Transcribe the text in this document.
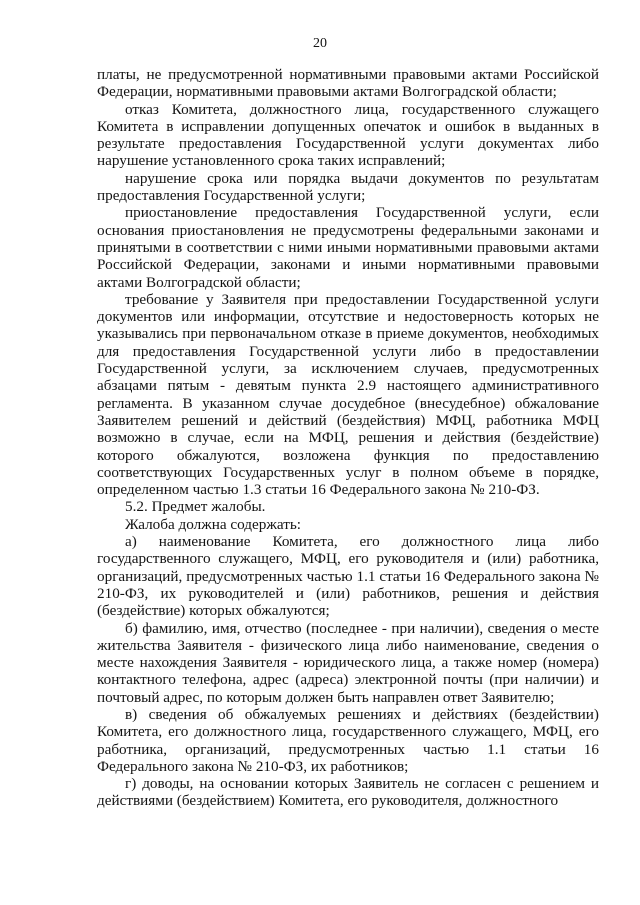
20

платы, не предусмотренной нормативными правовыми актами Российской Федерации, нормативными правовыми актами Волгоградской области;

отказ Комитета, должностного лица, государственного служащего Комитета в исправлении допущенных опечаток и ошибок в выданных в результате предоставления Государственной услуги документах либо нарушение установленного срока таких исправлений;

нарушение срока или порядка выдачи документов по результатам предоставления Государственной услуги;

приостановление предоставления Государственной услуги, если основания приостановления не предусмотрены федеральными законами и принятыми в соответствии с ними иными нормативными правовыми актами Российской Федерации, законами и иными нормативными правовыми актами Волгоградской области;

требование у Заявителя при предоставлении Государственной услуги документов или информации, отсутствие и недостоверность которых не указывались при первоначальном отказе в приеме документов, необходимых для предоставления Государственной услуги либо в предоставлении Государственной услуги, за исключением случаев, предусмотренных абзацами пятым - девятым пункта 2.9 настоящего административного регламента. В указанном случае досудебное (внесудебное) обжалование Заявителем решений и действий (бездействия) МФЦ, работника МФЦ возможно в случае, если на МФЦ, решения и действия (бездействие) которого обжалуются, возложена функция по предоставлению соответствующих Государственных услуг в полном объеме в порядке, определенном частью 1.3 статьи 16 Федерального закона № 210-ФЗ.

5.2. Предмет жалобы.

Жалоба должна содержать:

а) наименование Комитета, его должностного лица либо государственного служащего, МФЦ, его руководителя и (или) работника, организаций, предусмотренных частью 1.1 статьи 16 Федерального закона № 210-ФЗ, их руководителей и (или) работников, решения и действия (бездействие) которых обжалуются;

б) фамилию, имя, отчество (последнее - при наличии), сведения о месте жительства Заявителя - физического лица либо наименование, сведения о месте нахождения Заявителя - юридического лица, а также номер (номера) контактного телефона, адрес (адреса) электронной почты (при наличии) и почтовый адрес, по которым должен быть направлен ответ Заявителю;

в) сведения об обжалуемых решениях и действиях (бездействии) Комитета, его должностного лица, государственного служащего, МФЦ, его работника, организаций, предусмотренных частью 1.1 статьи 16 Федерального закона № 210-ФЗ, их работников;

г) доводы, на основании которых Заявитель не согласен с решением и действиями (бездействием) Комитета, его руководителя, должностного
